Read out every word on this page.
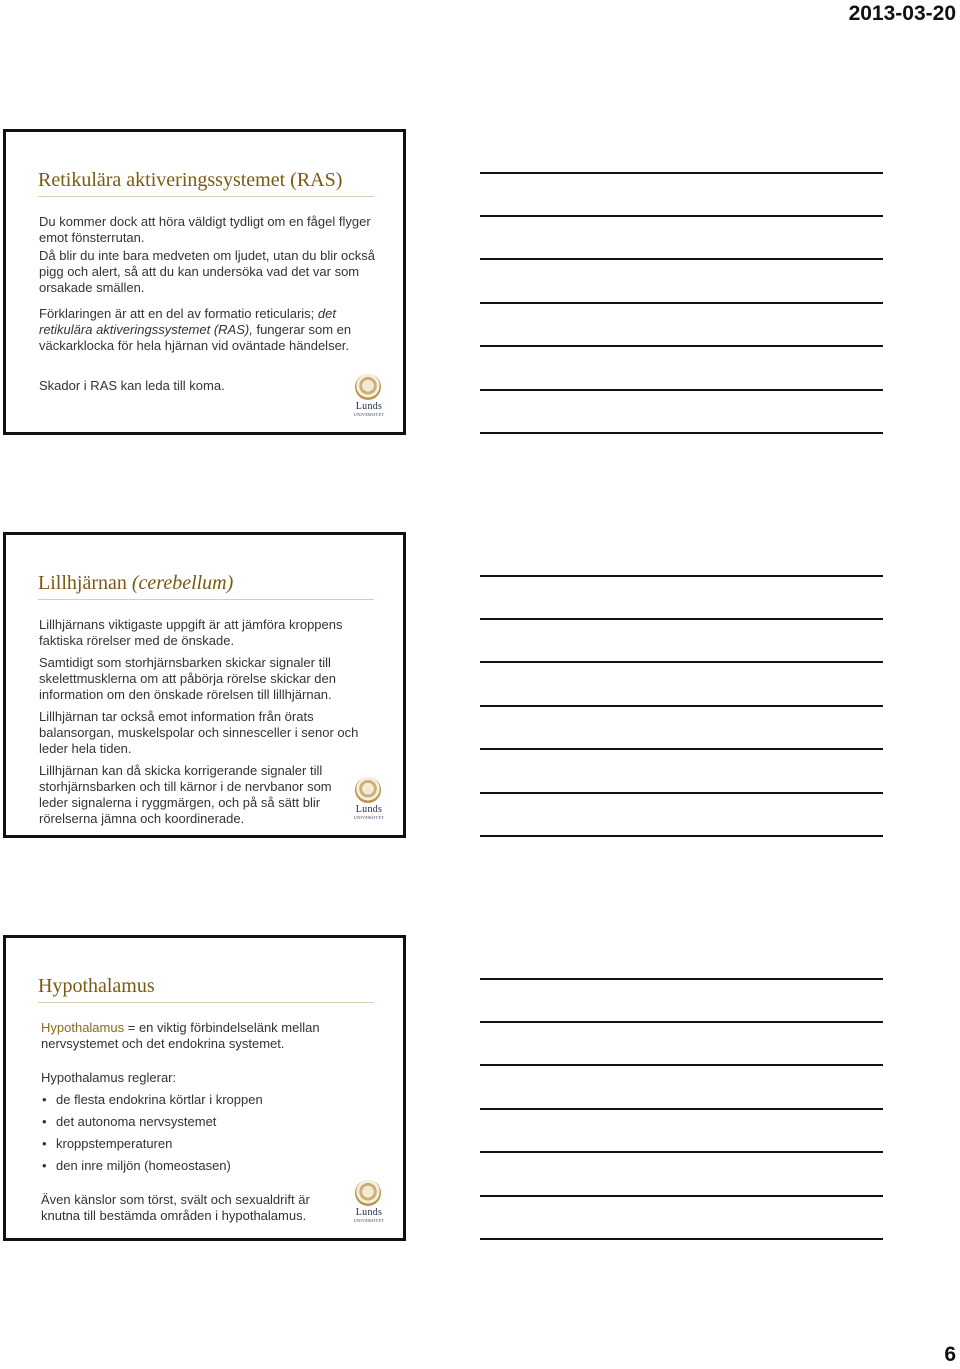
2013-03-20
Retikulära aktiveringssystemet (RAS)

Du kommer dock att höra väldigt tydligt om en fågel flyger emot fönsterrutan.

Då blir du inte bara medveten om ljudet, utan du blir också pigg och alert, så att du kan undersöka vad det var som orsakade smällen.

Förklaringen är att en del av formatio reticularis; det retikulära aktiveringssystemet (RAS), fungerar som en väckarklocka för hela hjärnan vid oväntade händelser.

Skador i RAS kan leda till koma.

Lunds
UNIVERSITET
Lillhjärnan (cerebellum)

Lillhjärnans viktigaste uppgift är att jämföra kroppens faktiska rörelser med de önskade.

Samtidigt som storhjärnsbarken skickar signaler till skelettmusklerna om att påbörja rörelse skickar den information om den önskade rörelsen till lillhjärnan.

Lillhjärnan tar också emot information från örats balansorgan, muskelspolar och sinnesceller i senor och leder hela tiden.

Lillhjärnan kan då skicka korrigerande signaler till storhjärnsbarken och till kärnor i de nervbanor som leder signalerna i ryggmärgen, och på så sätt blir rörelserna jämna och koordinerade.

Lunds
UNIVERSITET
Hypothalamus

Hypothalamus = en viktig förbindelselänk mellan nervsystemet och det endokrina systemet.

Hypothalamus reglerar:

• de flesta endokrina körtlar i kroppen
• det autonoma nervsystemet
• kroppstemperaturen
• den inre miljön (homeostasen)

Även känslor som törst, svält och sexualdrift är knutna till bestämda områden i hypothalamus.	Lunds
UNIVERSITET
6
